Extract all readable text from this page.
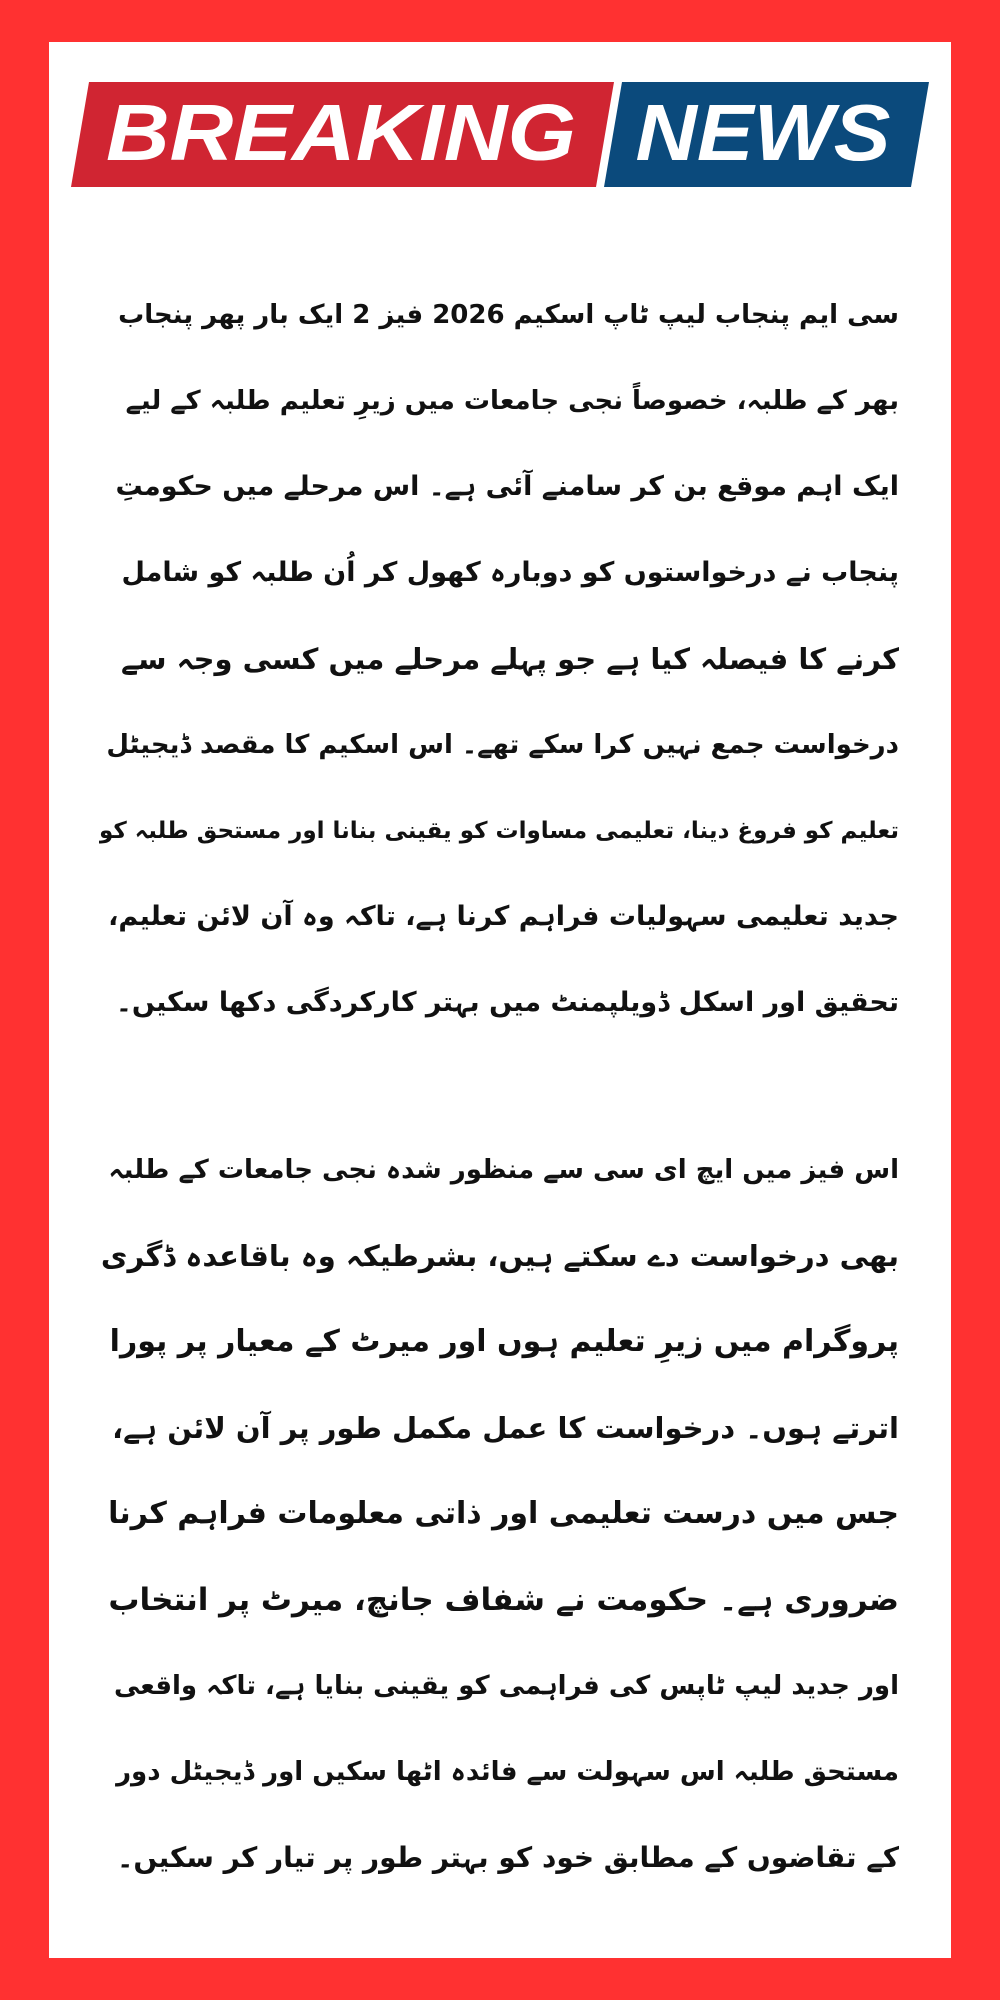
BREAKING NEWS
سی ایم پنجاب لیپ ٹاپ اسکیم 2026 فیز 2 ایک بار پھر پنجاب
بھر کے طلبہ، خصوصاً نجی جامعات میں زیرِ تعلیم طلبہ کے لیے
ایک اہم موقع بن کر سامنے آئی ہے۔ اس مرحلے میں حکومتِ
پنجاب نے درخواستوں کو دوبارہ کھول کر اُن طلبہ کو شامل
کرنے کا فیصلہ کیا ہے جو پہلے مرحلے میں کسی وجہ سے
درخواست جمع نہیں کرا سکے تھے۔ اس اسکیم کا مقصد ڈیجیٹل
تعلیم کو فروغ دینا، تعلیمی مساوات کو یقینی بنانا اور مستحق طلبہ کو
جدید تعلیمی سہولیات فراہم کرنا ہے، تاکہ وہ آن لائن تعلیم،
تحقیق اور اسکل ڈویلپمنٹ میں بہتر کارکردگی دکھا سکیں۔
اس فیز میں ایچ ای سی سے منظور شدہ نجی جامعات کے طلبہ
بھی درخواست دے سکتے ہیں، بشرطیکہ وہ باقاعدہ ڈگری
پروگرام میں زیرِ تعلیم ہوں اور میرٹ کے معیار پر پورا
اترتے ہوں۔ درخواست کا عمل مکمل طور پر آن لائن ہے،
جس میں درست تعلیمی اور ذاتی معلومات فراہم کرنا
ضروری ہے۔ حکومت نے شفاف جانچ، میرٹ پر انتخاب
اور جدید لیپ ٹاپس کی فراہمی کو یقینی بنایا ہے، تاکہ واقعی
مستحق طلبہ اس سہولت سے فائدہ اٹھا سکیں اور ڈیجیٹل دور
کے تقاضوں کے مطابق خود کو بہتر طور پر تیار کر سکیں۔
